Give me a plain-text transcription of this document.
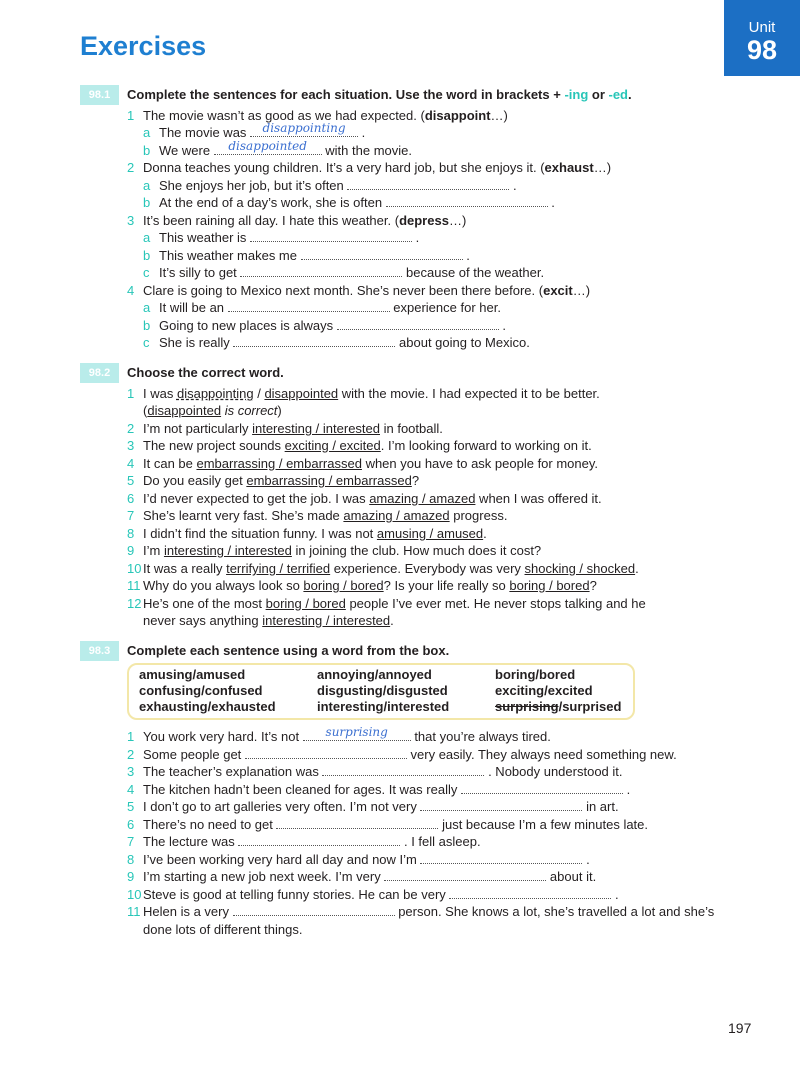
Exercises
Unit
98
98.1	Complete the sentences for each situation. Use the word in brackets + -ing or -ed.
1 The movie wasn’t as good as we had expected. (disappoint…)
a The movie was	disappointing .
b We were	disappointed	with the movie.
2 Donna teaches young children. It’s a very hard job, but she enjoys it. (exhaust…)
a She enjoys her job, but it’s often	.
b At the end of a day’s work, she is often	.
3 It’s been raining all day. I hate this weather. (depress…)
a This weather is	.
b This weather makes me	.
c It’s silly to get	because of the weather.
4 Clare is going to Mexico next month. She’s never been there before. (excit…)
a It will be an	experience for her.
b Going to new places is always	.
c She is really	about going to Mexico.
98.2	Choose the correct word.
1 I was disappointing / disappointed with the movie. I had expected it to be better.
(disappointed is correct)
2 I’m not particularly interesting / interested in football.
3 The new project sounds exciting / excited. I’m looking forward to working on it.
4 It can be embarrassing / embarrassed when you have to ask people for money.
5 Do you easily get embarrassing / embarrassed?
6 I’d never expected to get the job. I was amazing / amazed when I was offered it.
7 She’s learnt very fast. She’s made amazing / amazed progress.
8 I didn’t find the situation funny. I was not amusing / amused.
9 I’m interesting / interested in joining the club. How much does it cost?
10 It was a really terrifying / terrified experience. Everybody was very shocking / shocked.
11 Why do you always look so boring / bored? Is your life really so boring / bored?
12 He’s one of the most boring / bored people I’ve ever met. He never stops talking and he
never says anything interesting / interested.
98.3	Complete each sentence using a word from the box.
amusing/amused	annoying/annoyed	boring/bored
confusing/confused	disgusting/disgusted	exciting/excited
exhausting/exhausted	interesting/interested	surprising/surprised
1 You work very hard. It’s not	surprising	that you’re always tired.
2 Some people get	very easily. They always need something new.
3 The teacher’s explanation was	. Nobody understood it.
4 The kitchen hadn’t been cleaned for ages. It was really	.
5 I don’t go to art galleries very often. I’m not very	in art.
6 There’s no need to get	just because I’m a few minutes late.
7 The lecture was	. I fell asleep.
8 I’ve been working very hard all day and now I’m	.
9 I’m starting a new job next week. I’m very	about it.
10 Steve is good at telling funny stories. He can be very	.
11 Helen is a very	person. She knows a lot, she’s travelled a lot and she’s
done lots of different things.
197
